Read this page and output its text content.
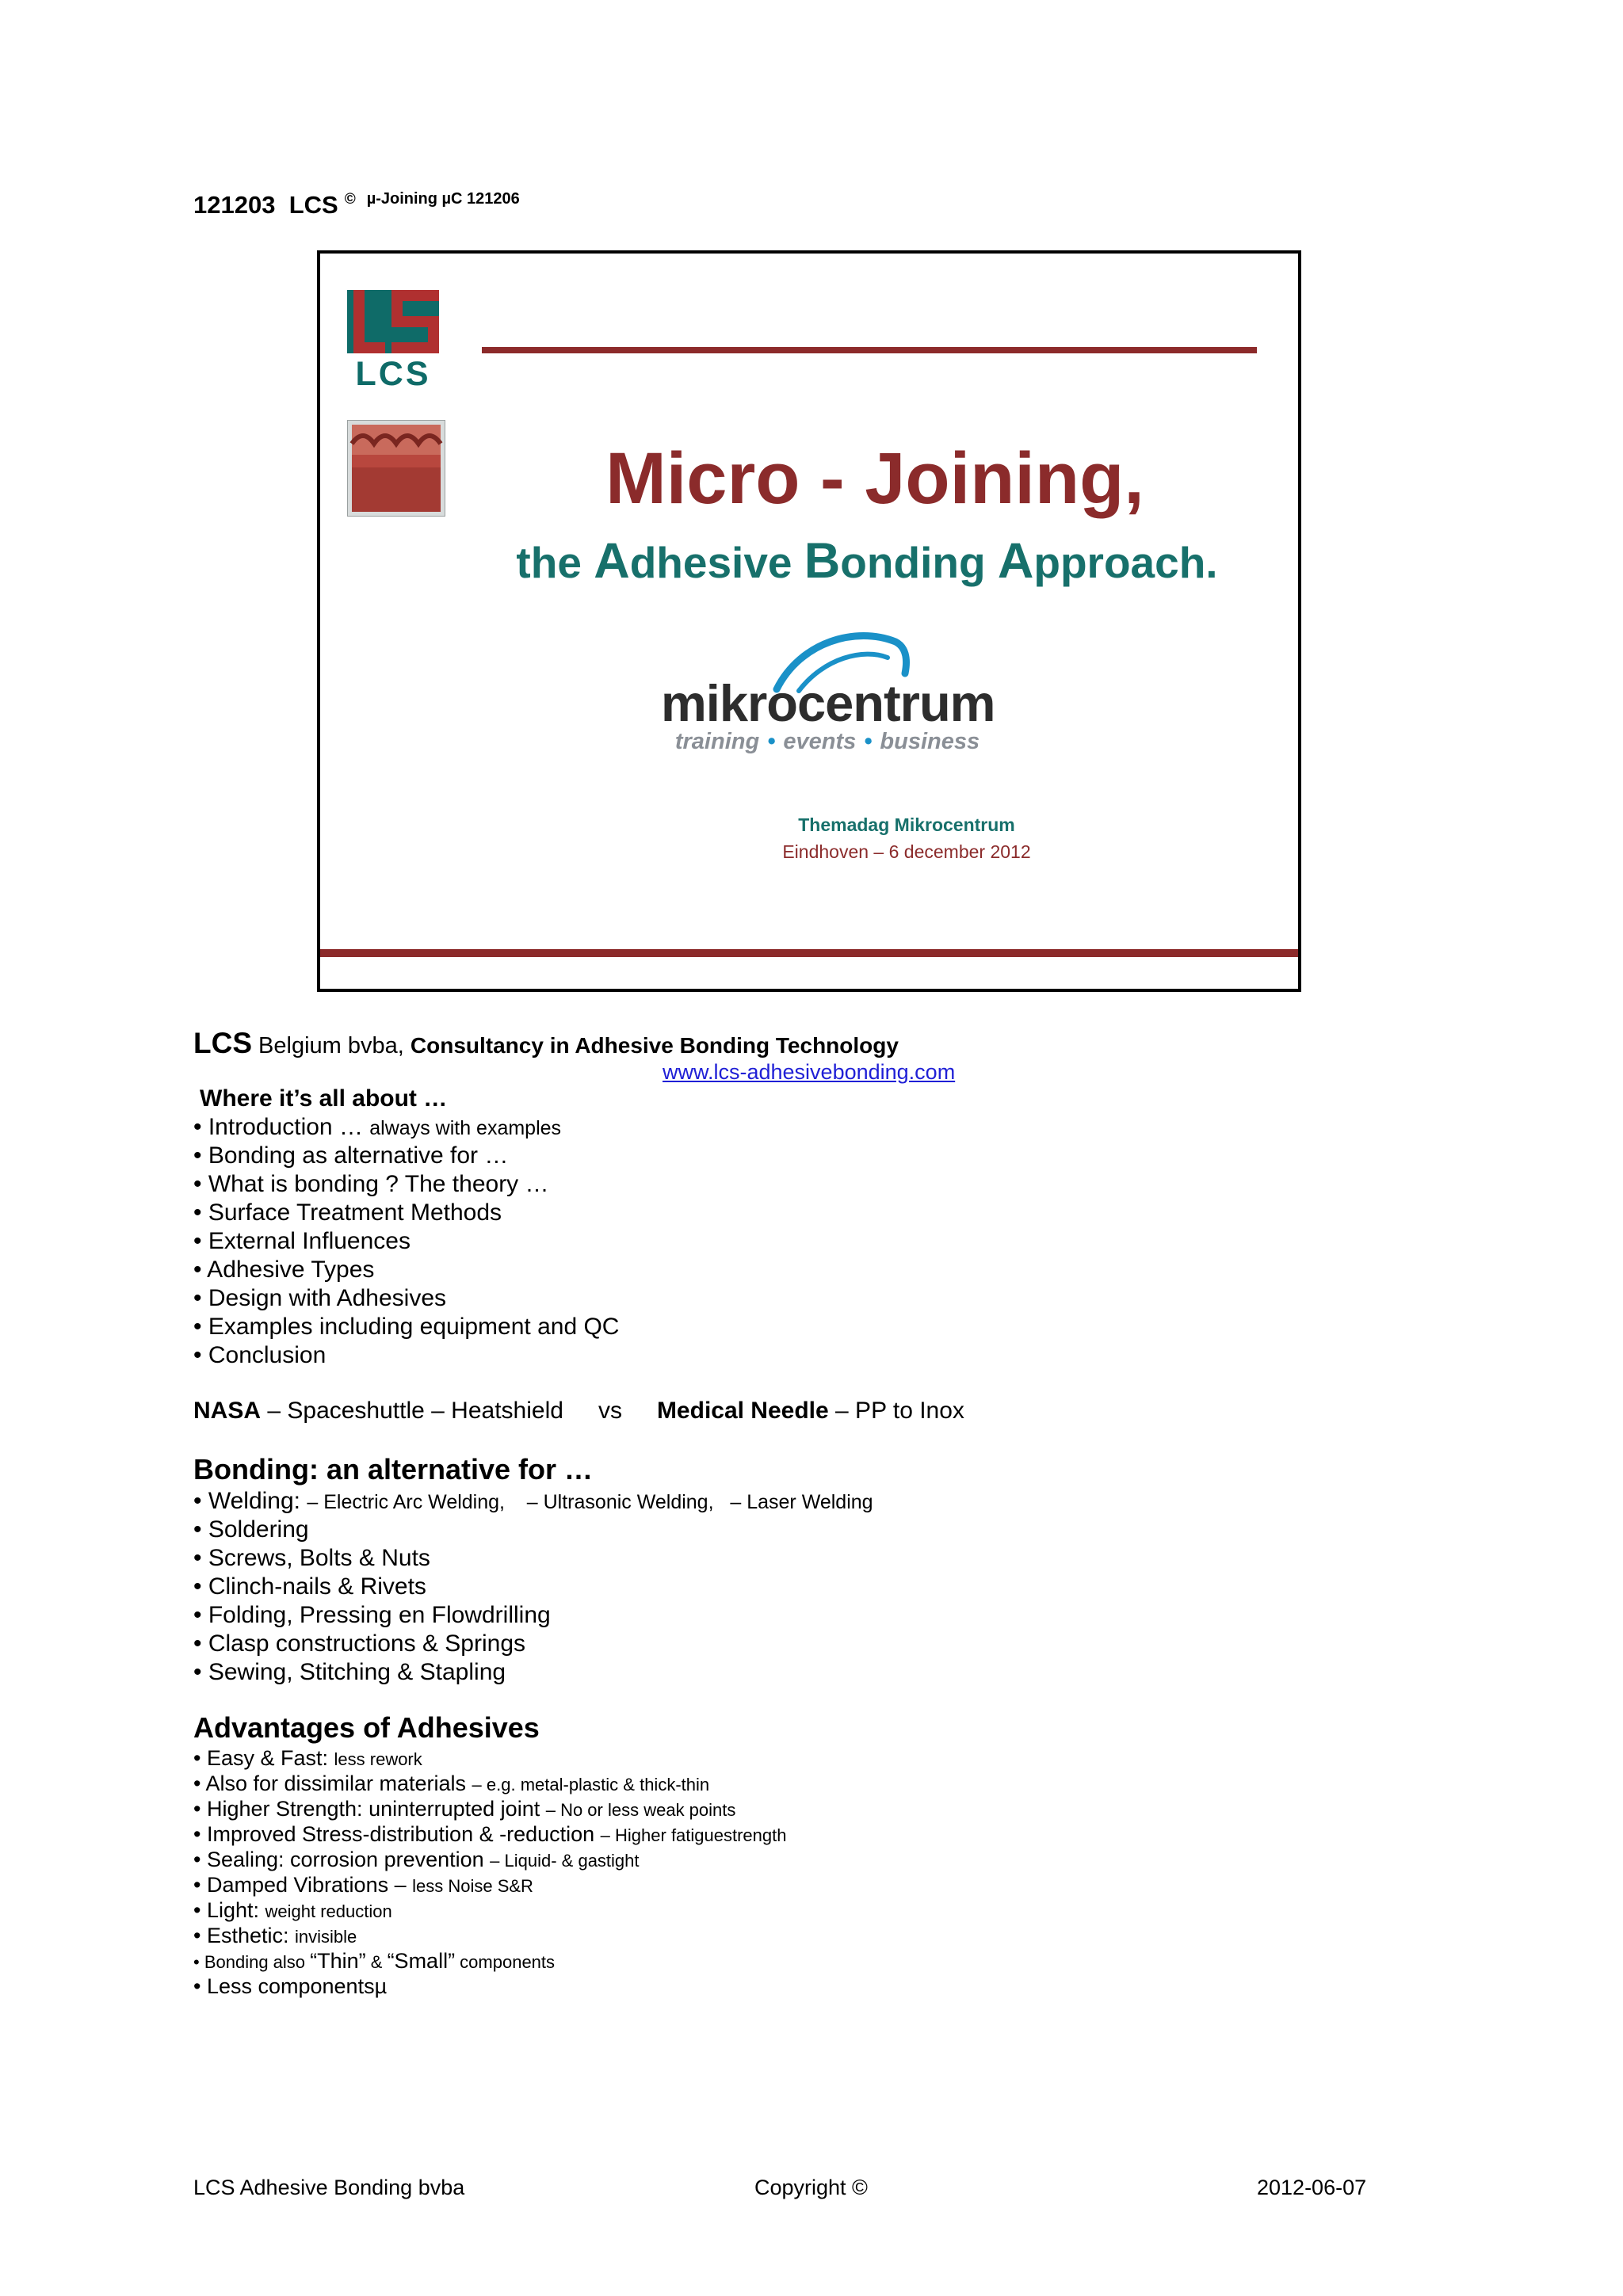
121203 LCS © $^{\mu-Joining \mu C 121206}$
LCS
Micro - Joining,
the Adhesive Bonding Approach.
mikrocentrum
training • events • business
Themadag Mikrocentrum
Eindhoven – 6 december 2012
LCS Belgium bvba, Consultancy in Adhesive Bonding Technology
www.lcs-adhesivebonding.com
Where it’s all about …
• Introduction … always with examples
• Bonding as alternative for …
• What is bonding ? The theory …
• Surface Treatment Methods
• External Influences
• Adhesive Types
• Design with Adhesives
• Examples including equipment and QC
• Conclusion
NASA – Spaceshuttle – Heatshield vs Medical Needle – PP to Inox
Bonding: an alternative for …
• Welding: – Electric Arc Welding,    – Ultrasonic Welding,   – Laser Welding
• Soldering
• Screws, Bolts & Nuts
• Clinch-nails & Rivets
• Folding, Pressing en Flowdrilling
• Clasp constructions & Springs
• Sewing, Stitching & Stapling
Advantages of Adhesives
• Easy & Fast: less rework
• Also for dissimilar materials – e.g. metal-plastic & thick-thin
• Higher Strength: uninterrupted joint – No or less weak points
• Improved Stress-distribution & -reduction – Higher fatiguestrength
• Sealing: corrosion prevention – Liquid- & gastight
• Damped Vibrations – less Noise S&R
• Light: weight reduction
• Esthetic: invisible
• Bonding also “Thin” & “Small” components
• Less componentsµ
LCS Adhesive Bonding bvba	Copyright ©	2012-06-07
